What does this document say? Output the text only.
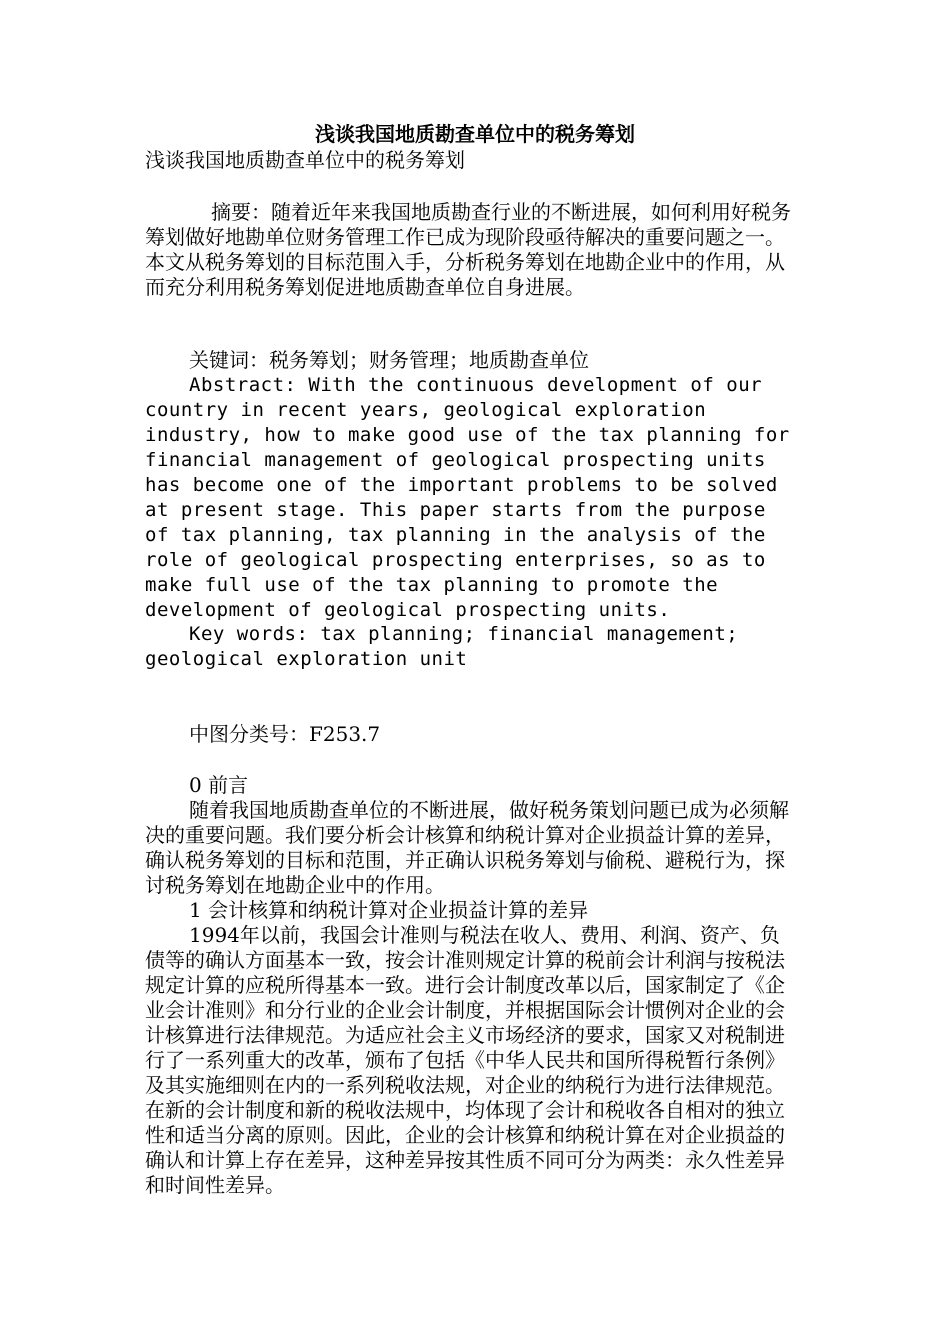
浅谈我国地质勘查单位中的税务筹划

浅谈我国地质勘查单位中的税务筹划

摘要：随着近年来我国地质勘查行业的不断进展，如何利用好税务筹划做好地勘单位财务管理工作已成为现阶段亟待解决的重要问题之一。本文从税务筹划的目标范围入手，分析税务筹划在地勘企业中的作用，从而充分利用税务筹划促进地质勘查单位自身进展。

关键词：税务筹划；财务管理；地质勘查单位

Abstract: With the continuous development of our country in recent years, geological exploration industry, how to make good use of the tax planning for financial management of geological prospecting units has become one of the important problems to be solved at present stage. This paper starts from the purpose of tax planning, tax planning in the analysis of the role of geological prospecting enterprises, so as to make full use of the tax planning to promote the development of geological prospecting units.

Key words: tax planning; financial management; geological exploration unit

中图分类号：F253.7

0 前言

随着我国地质勘查单位的不断进展，做好税务策划问题已成为必须解决的重要问题。我们要分析会计核算和纳税计算对企业损益计算的差异，确认税务筹划的目标和范围，并正确认识税务筹划与偷税、避税行为，探讨税务筹划在地勘企业中的作用。

1 会计核算和纳税计算对企业损益计算的差异

1994年以前，我国会计准则与税法在收人、费用、利润、资产、负债等的确认方面基本一致，按会计准则规定计算的税前会计利润与按税法规定计算的应税所得基本一致。进行会计制度改革以后，国家制定了《企业会计准则》和分行业的企业会计制度，并根据国际会计惯例对企业的会计核算进行法律规范。为适应社会主义市场经济的要求，国家又对税制进行了一系列重大的改革，颁布了包括《中华人民共和国所得税暂行条例》及其实施细则在内的一系列税收法规，对企业的纳税行为进行法律规范。在新的会计制度和新的税收法规中，均体现了会计和税收各自相对的独立性和适当分离的原则。因此，企业的会计核算和纳税计算在对企业损益的确认和计算上存在差异，这种差异按其性质不同可分为两类：永久性差异和时间性差异。
